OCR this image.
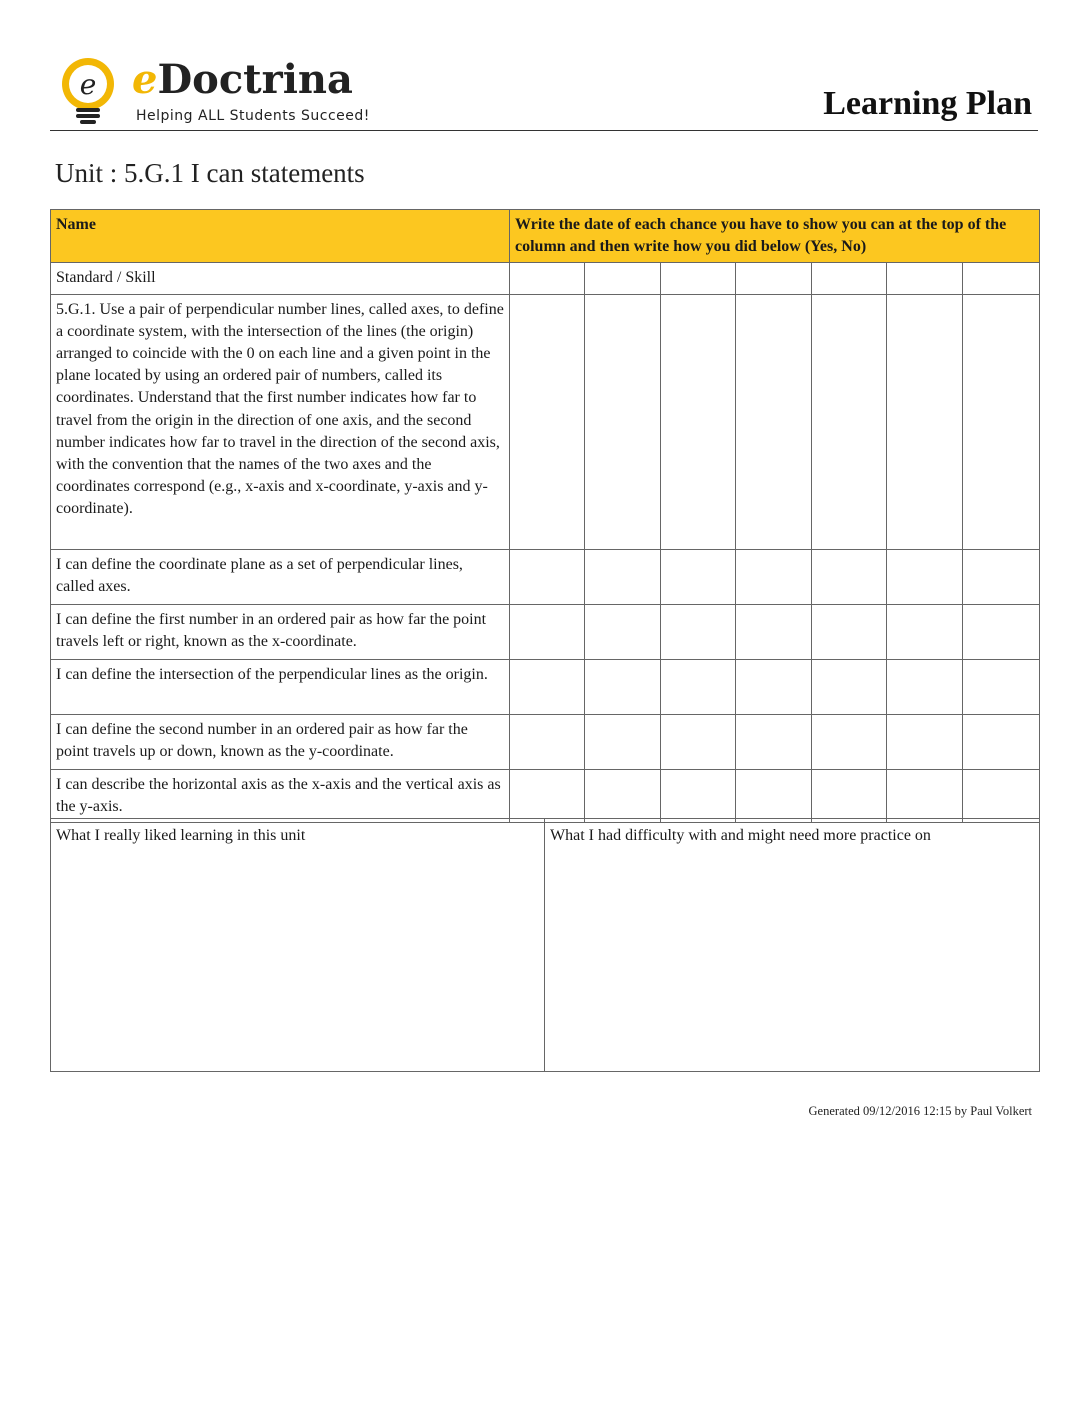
e eDoctrina
Helping ALL Students Succeed!	Learning Plan
Unit : 5.G.1 I can statements
Name	Write the date of each chance you have to show you can at the top of the column and then write how you did below (Yes, No)						
Standard / Skill							
5.G.1. Use a pair of perpendicular number lines, called axes, to define a coordinate system, with the intersection of the lines (the origin) arranged to coincide with the 0 on each line and a given point in the plane located by using an ordered pair of numbers, called its coordinates. Understand that the first number indicates how far to travel from the origin in the direction of one axis, and the second number indicates how far to travel in the direction of the second axis, with the convention that the names of the two axes and the coordinates correspond (e.g., x-axis and x-coordinate, y-axis and y-coordinate).							
I can define the coordinate plane as a set of perpendicular lines, called axes.							
I can define the first number in an ordered pair as how far the point travels left or right, known as the x-coordinate.							
I can define the intersection of the perpendicular lines as the origin.							
I can define the second number in an ordered pair as how far the point travels up or down, known as the y-coordinate.							
I can describe the horizontal axis as the x-axis and the vertical axis as the y-axis.							
What I really liked learning in this unit	What I had difficulty with and might need more practice on
Generated 09/12/2016 12:15 by Paul Volkert
